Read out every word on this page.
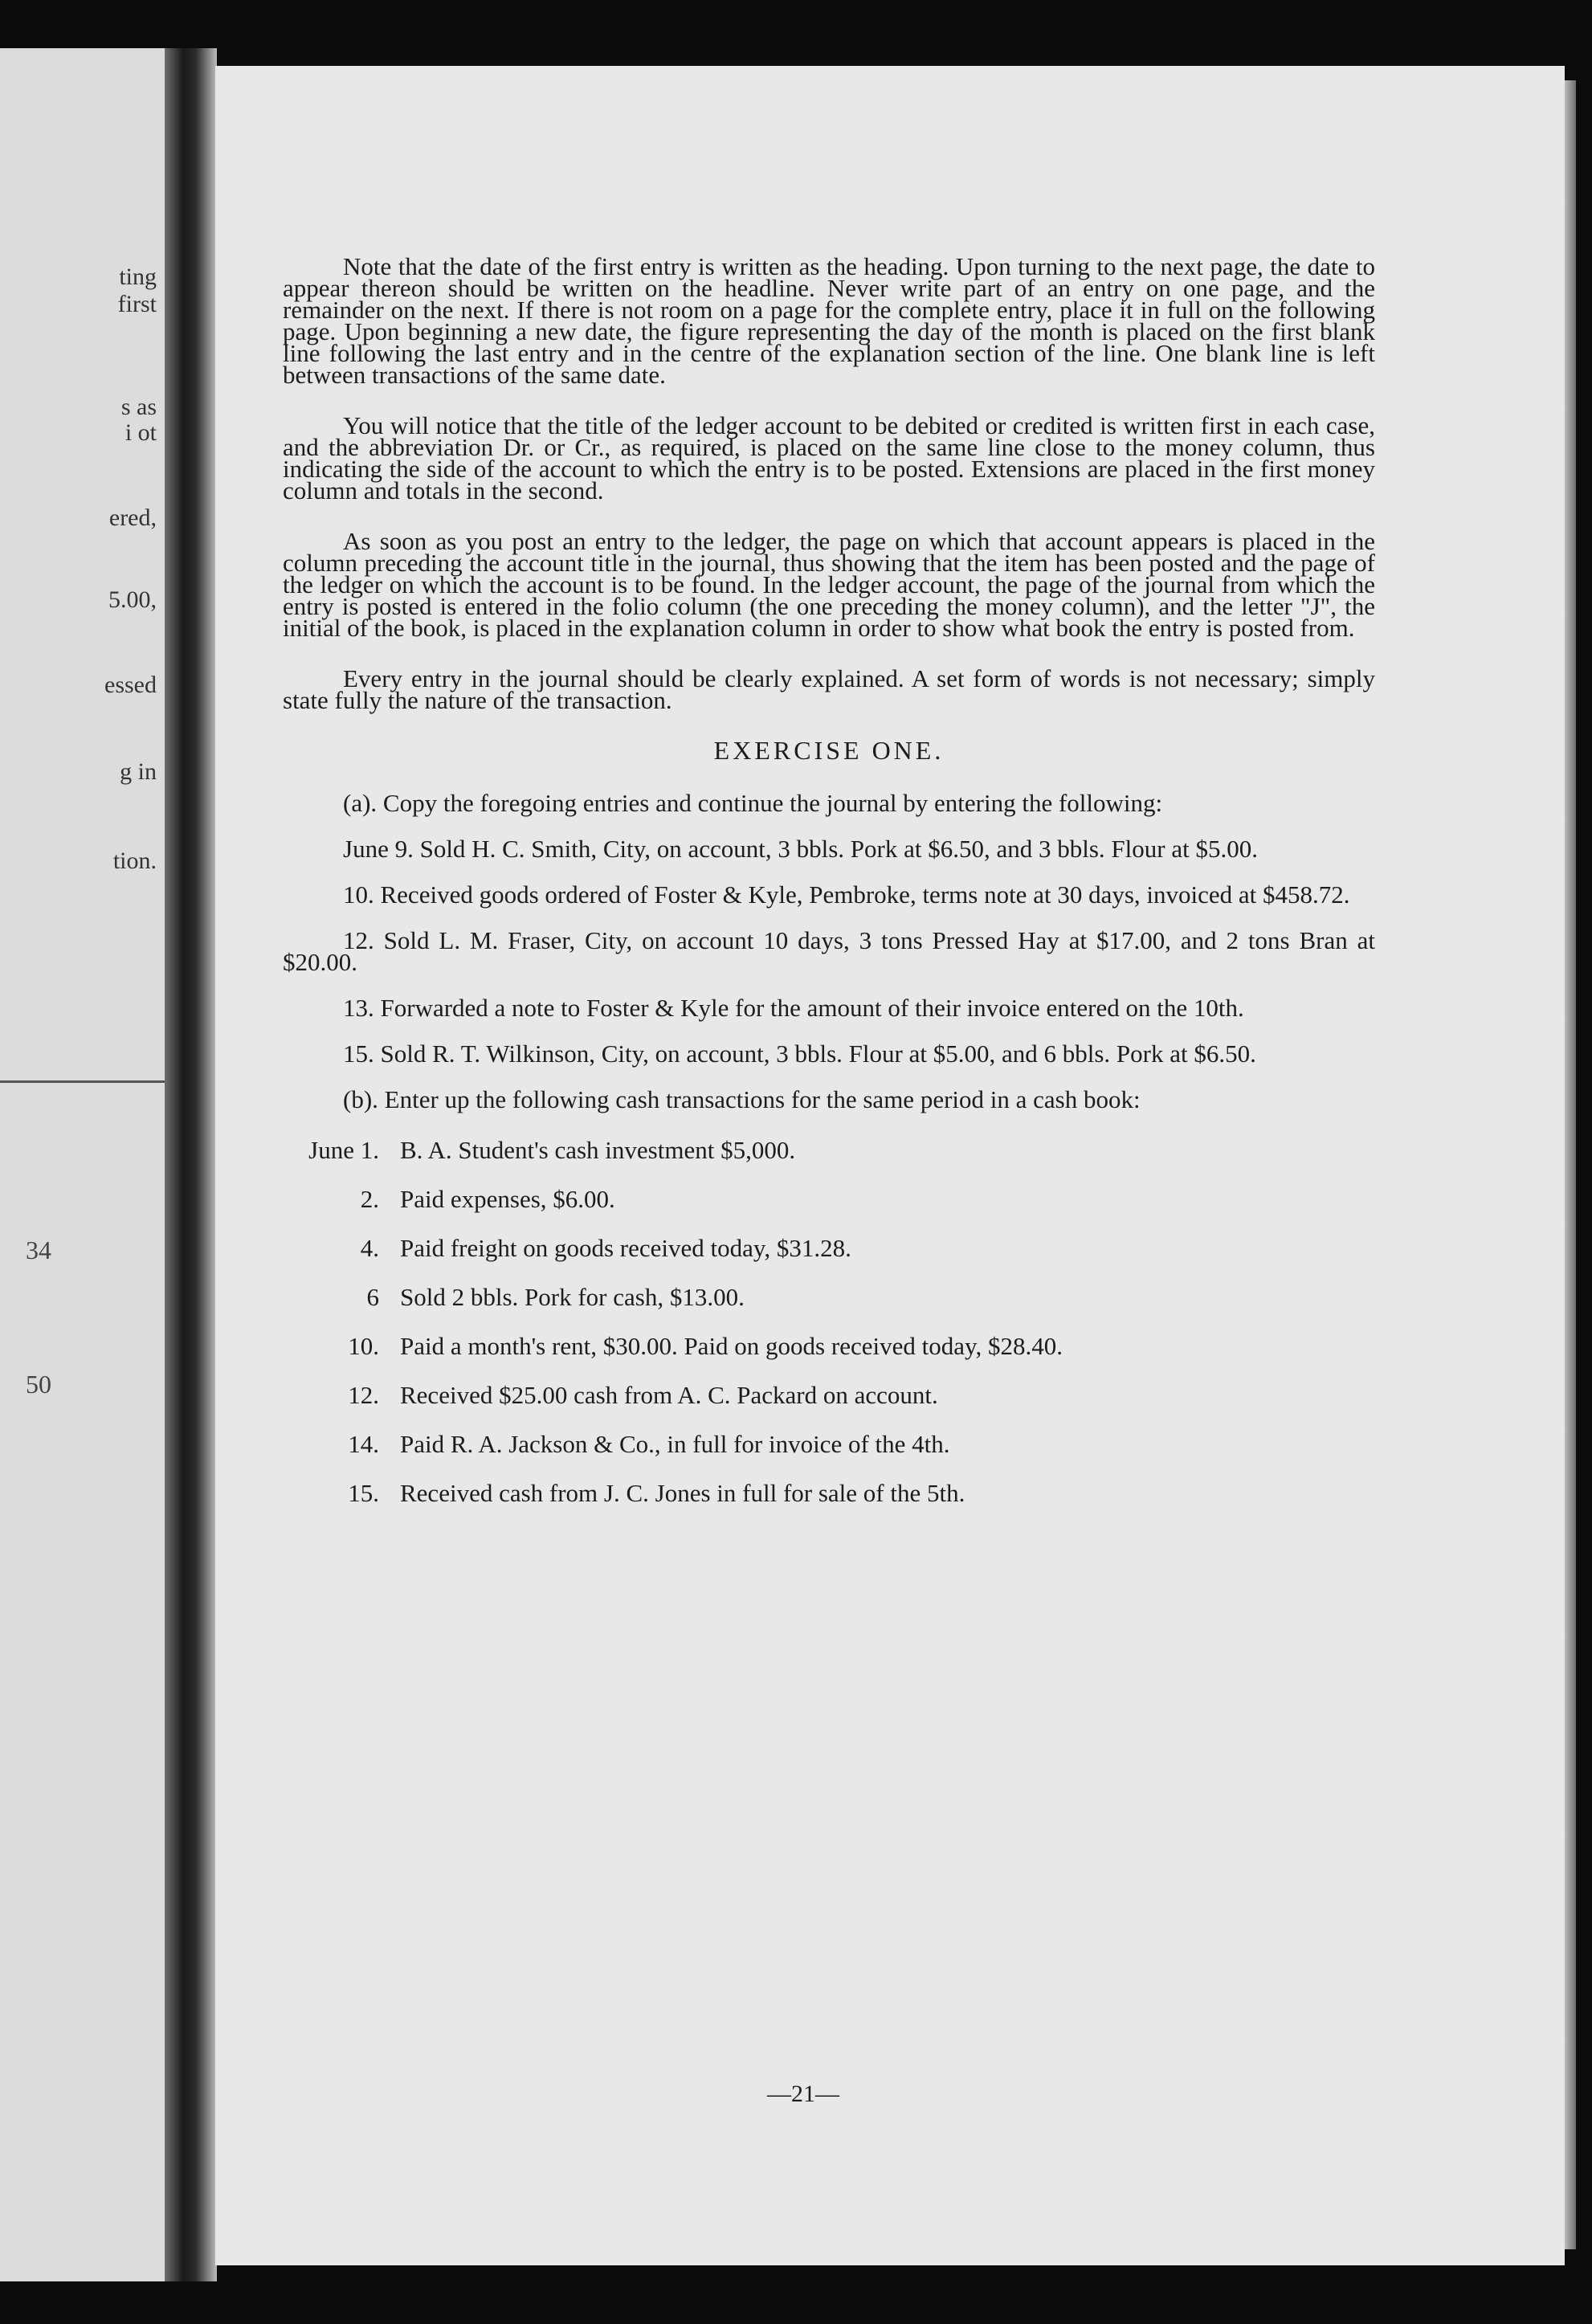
ting
first
s as
i ot
ered,
5.00,
essed
g in
tion.
34
50

Note that the date of the first entry is written as the heading. Upon turning to the next page, the date to appear thereon should be written on the headline. Never write part of an entry on one page, and the remainder on the next. If there is not room on a page for the complete entry, place it in full on the following page. Upon beginning a new date, the figure representing the day of the month is placed on the first blank line following the last entry and in the centre of the explanation section of the line. One blank line is left between transactions of the same date.

You will notice that the title of the ledger account to be debited or credited is written first in each case, and the abbreviation Dr. or Cr., as required, is placed on the same line close to the money column, thus indicating the side of the account to which the entry is to be posted. Extensions are placed in the first money column and totals in the second.

As soon as you post an entry to the ledger, the page on which that account appears is placed in the column preceding the account title in the journal, thus showing that the item has been posted and the page of the ledger on which the account is to be found. In the ledger account, the page of the journal from which the entry is posted is entered in the folio column (the one preceding the money column), and the letter "J", the initial of the book, is placed in the explanation column in order to show what book the entry is posted from.

Every entry in the journal should be clearly explained. A set form of words is not necessary; simply state fully the nature of the transaction.

EXERCISE ONE.

(a). Copy the foregoing entries and continue the journal by entering the following:

June 9. Sold H. C. Smith, City, on account, 3 bbls. Pork at $6.50, and 3 bbls. Flour at $5.00.

10. Received goods ordered of Foster & Kyle, Pembroke, terms note at 30 days, invoiced at $458.72.

12. Sold L. M. Fraser, City, on account 10 days, 3 tons Pressed Hay at $17.00, and 2 tons Bran at $20.00.

13. Forwarded a note to Foster & Kyle for the amount of their invoice entered on the 10th.

15. Sold R. T. Wilkinson, City, on account, 3 bbls. Flour at $5.00, and 6 bbls. Pork at $6.50.

(b). Enter up the following cash transactions for the same period in a cash book:

June 1. B. A. Student's cash investment $5,000.
2. Paid expenses, $6.00.
4. Paid freight on goods received today, $31.28.
6 Sold 2 bbls. Pork for cash, $13.00.
10. Paid a month's rent, $30.00. Paid on goods received today, $28.40.
12. Received $25.00 cash from A. C. Packard on account.
14. Paid R. A. Jackson & Co., in full for invoice of the 4th.
15. Received cash from J. C. Jones in full for sale of the 5th.
—21—
